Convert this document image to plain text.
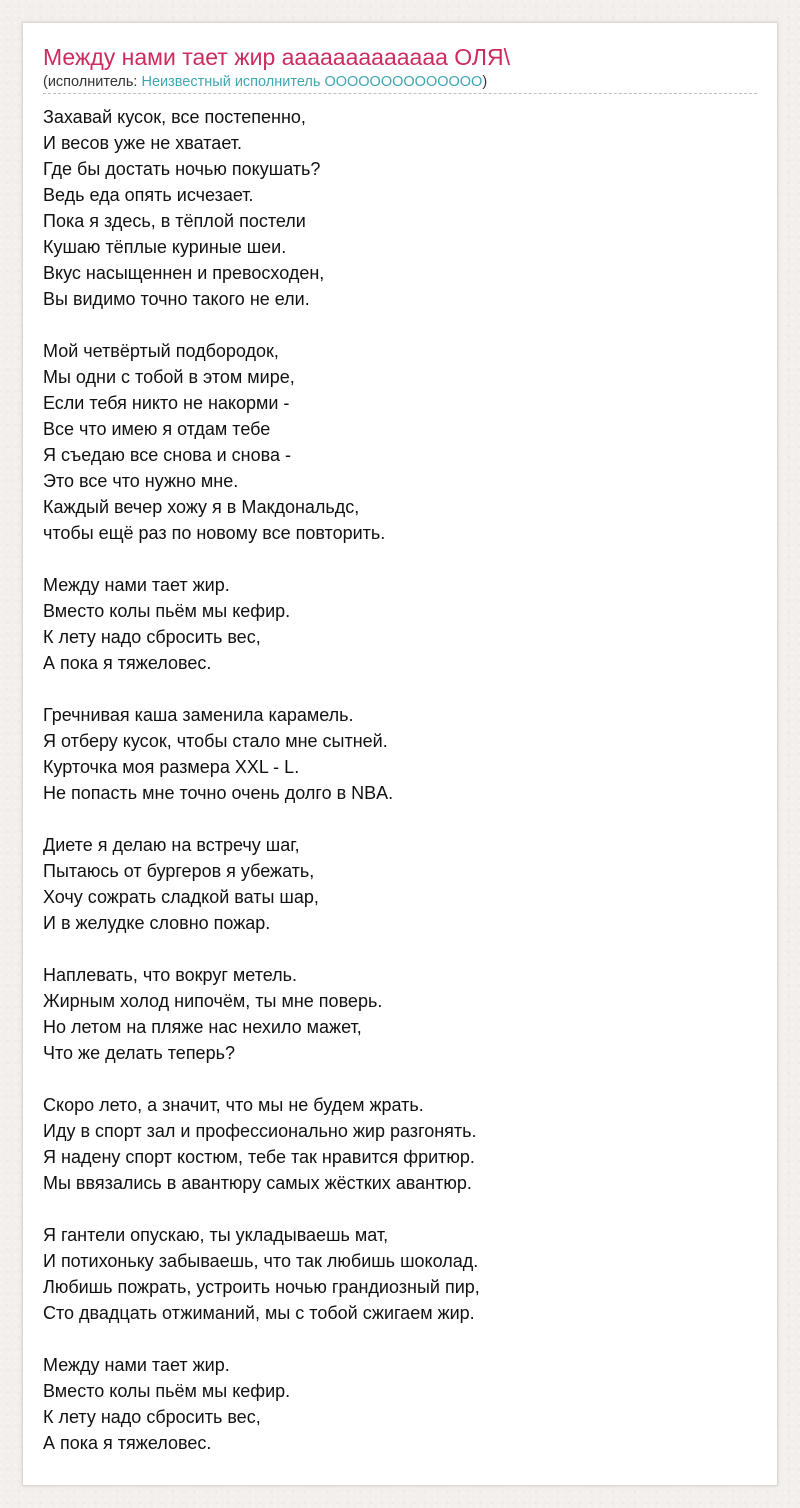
Между нами тает жир ааааааааааааа ОЛЯ\
(исполнитель: Неизвестный исполнитель ОООООООООООООО)
Захавай кусок, все постепенно,
И весов уже не хватает.
Где бы достать ночью покушать?
Ведь еда опять исчезает.
Пока я здесь, в тёплой постели
Кушаю тёплые куриные шеи.
Вкус насыщеннен и превосходен,
Вы видимо точно такого не ели.
Мой четвёртый подбородок,
Мы одни с тобой в этом мире,
Если тебя никто не накорми -
Все что имею я отдам тебе
Я съедаю все снова и снова -
Это все что нужно мне.
Каждый вечер хожу я в Макдональдс,
чтобы ещё раз по новому все повторить.
Между нами тает жир.
Вместо колы пьём мы кефир.
К лету надо сбросить вес,
А пока я тяжеловес.
Гречнивая каша заменила карамель.
Я отберу кусок, чтобы стало мне сытней.
Курточка моя размера XXL - L.
Не попасть мне точно очень долго в NBA.
Диете я делаю на встречу шаг,
Пытаюсь от бургеров я убежать,
Хочу сожрать сладкой ваты шар,
И в желудке словно пожар.
Наплевать, что вокруг метель.
Жирным холод нипочём, ты мне поверь.
Но летом на пляже нас нехило мажет,
Что же делать теперь?
Скоро лето, а значит, что мы не будем жрать.
Иду в спорт зал и профессионально жир разгонять.
Я надену спорт костюм, тебе так нравится фритюр.
Мы ввязались в авантюру самых жёстких авантюр.
Я гантели опускаю, ты укладываешь мат,
И потихоньку забываешь, что так любишь шоколад.
Любишь пожрать, устроить ночью грандиозный пир,
Сто двадцать отжиманий, мы с тобой сжигаем жир.
Между нами тает жир.
Вместо колы пьём мы кефир.
К лету надо сбросить вес,
А пока я тяжеловес.
